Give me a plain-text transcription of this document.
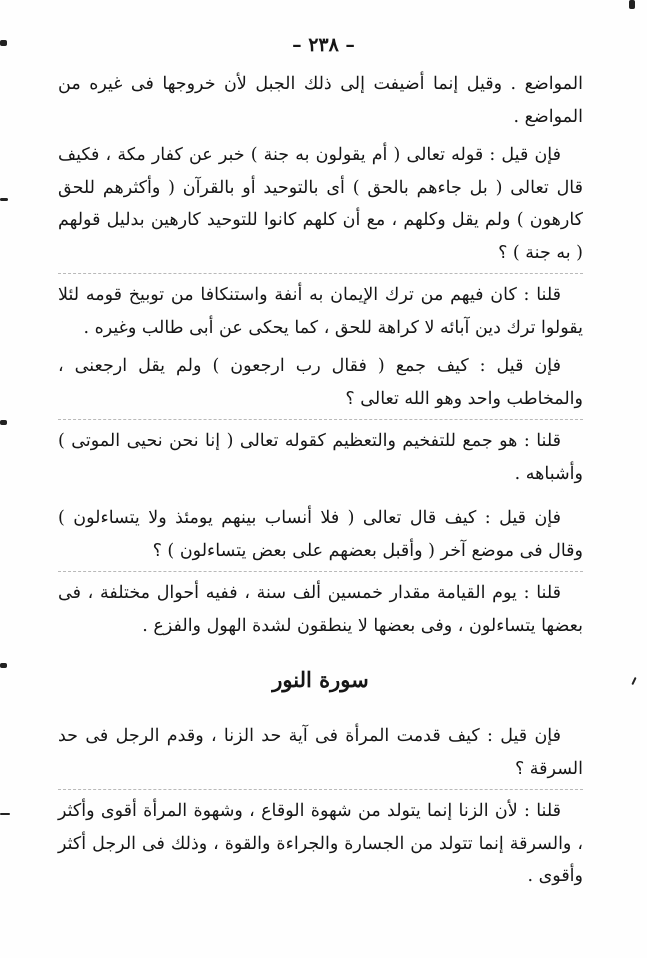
– ٢٣٨ –

المواضع . وقيل إنما أضيفت إلى ذلك الجبل لأن خروجها فى غيره من المواضع .

فإن قيل : قوله تعالى ( أم يقولون به جنة ) خبر عن كفار مكة ، فكيف قال تعالى ( بل جاءهم بالحق ) أى بالتوحيد أو بالقرآن ( وأكثرهم للحق كارهون ) ولم يقل وكلهم ، مع أن كلهم كانوا للتوحيد كارهين بدليل قولهم ( به جنة ) ؟

قلنا : كان فيهم من ترك الإيمان به أنفة واستنكافا من توبيخ قومه لئلا يقولوا ترك دين آبائه لا كراهة للحق ، كما يحكى عن أبى طالب وغيره .

فإن قيل : كيف جمع ( فقال رب ارجعون ) ولم يقل ارجعنى ، والمخاطب واحد وهو الله تعالى ؟

قلنا : هو جمع للتفخيم والتعظيم كقوله تعالى ( إنا نحن نحيى الموتى ) وأشباهه .

فإن قيل : كيف قال تعالى ( فلا أنساب بينهم يومئذ ولا يتساءلون ) وقال فى موضع آخر ( وأقبل بعضهم على بعض يتساءلون ) ؟

قلنا : يوم القيامة مقدار خمسين ألف سنة ، ففيه أحوال مختلفة ، فى بعضها يتساءلون ، وفى بعضها لا ينطقون لشدة الهول والفزع .

سورة النور

فإن قيل : كيف قدمت المرأة فى آية حد الزنا ، وقدم الرجل فى حد السرقة ؟

قلنا : لأن الزنا إنما يتولد من شهوة الوقاع ، وشهوة المرأة أقوى وأكثر ، والسرقة إنما تتولد من الجسارة والجراءة والقوة ، وذلك فى الرجل أكثر وأقوى .
